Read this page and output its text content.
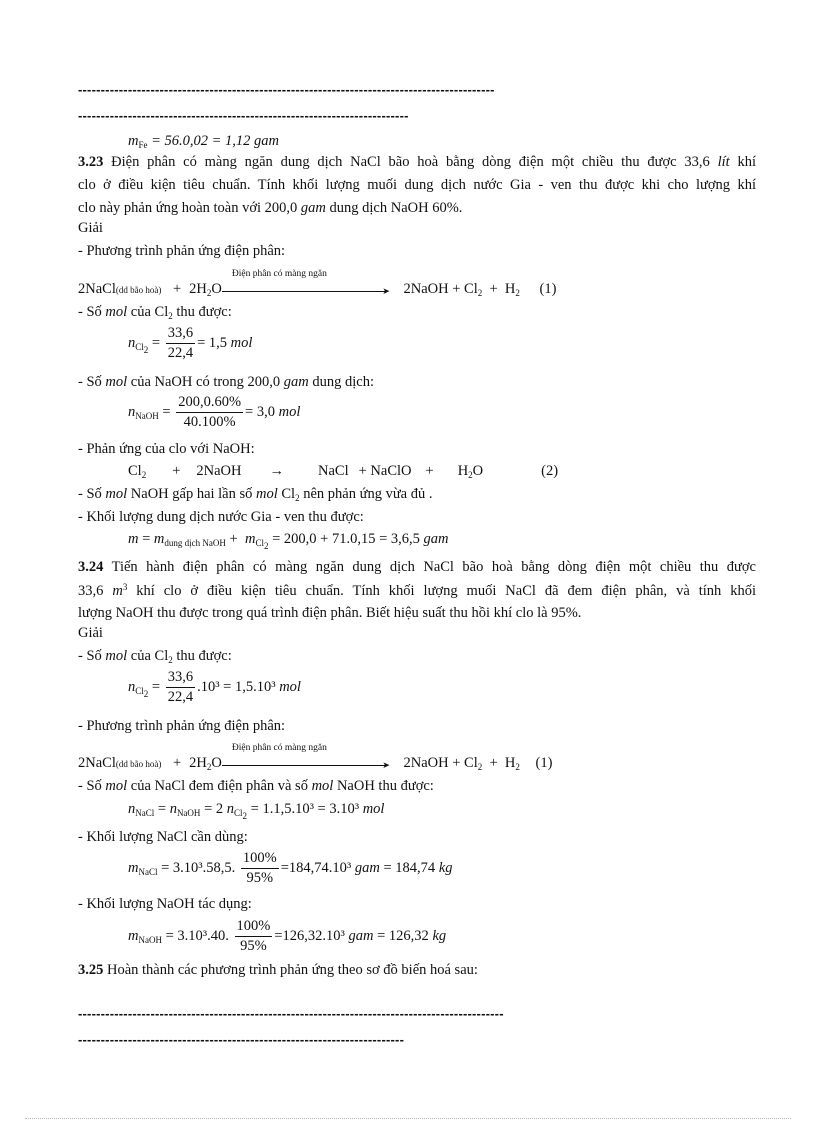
--------------------------------------------------------------------------------------------
-------------------------------------------------------------------------
$m_{Fe} = 56.0,02 = 1,12$ gam
3.23 Điện phân có màng ngăn dung dịch NaCl bão hoà bằng dòng điện một chiều thu được 33,6 lít khí
clo ở điều kiện tiêu chuẩn. Tính khối lượng muối dung dịch nước Gia - ven thu được khi cho lượng khí
clo này phản ứng hoàn toàn với 200,0 gam dung dịch NaOH 60%.
Giải
- Phương trình phản ứng điện phân:
2NaCl(dd bão hoà) + $2H_2O$
Điện phân có màng ngăn
➤ 2NaOH + $Cl_2 + H_2$ (1)
- Số mol của $Cl_2$ thu được:
$n_{Cl_2} = \frac{33,6}{22,4} = 1,5$ mol
- Số mol của NaOH có trong 200,0 gam dung dịch:
$n_{NaOH} = \frac{200,0.60\%}{40.100\%} = 3,0$ mol
- Phản ứng của clo với NaOH:
$Cl_2$ + 2NaOH → NaCl + NaClO + $H_2O$	(2)
- Số mol NaOH gấp hai lần số mol $Cl_2$ nên phản ứng vừa đủ .
- Khối lượng dung dịch nước Gia - ven thu được:
$m = m_{dung dịch NaOH} + m_{Cl_2} = 200,0 + 71.0,15 = 3,6,5$ gam
3.24 Tiến hành điện phân có màng ngăn dung dịch NaCl bão hoà bằng dòng điện một chiều thu được
33,6 $m^3$ khí clo ở điều kiện tiêu chuẩn. Tính khối lượng muối NaCl đã đem điện phân, và tính khối
lượng NaOH thu được trong quá trình điện phân. Biết hiệu suất thu hồi khí clo là 95%.
Giải
- Số mol của $Cl_2$ thu được:
$n_{Cl_2} = \frac{33,6}{22,4} .10^3 = 1,5.10^3$ mol
- Phương trình phản ứng điện phân:
2NaCl(dd bão hoà) + $2H_2O$
Điện phân có màng ngăn
➤ 2NaOH + $Cl_2 + H_2$ (1)
- Số mol của NaCl đem điện phân và số mol NaOH thu được:
$n_{NaCl} = n_{NaOH} = 2$ $n_{Cl_2} = 1.1,5.10^3 = 3.10^3$ mol
- Khối lượng NaCl cần dùng:
$m_{NaCl} = 3.10^3.58,5$. $\frac{100\%}{95\%} =184,74.10^3$ gam = 184,74 kg
- Khối lượng NaOH tác dụng:
$m_{NaOH} = 3.10^3.40$. $\frac{100\%}{95\%} =126,32.10^3$ gam = 126,32 kg
3.25 Hoàn thành các phương trình phản ứng theo sơ đồ biến hoá sau:
----------------------------------------------------------------------------------------------
------------------------------------------------------------------------
